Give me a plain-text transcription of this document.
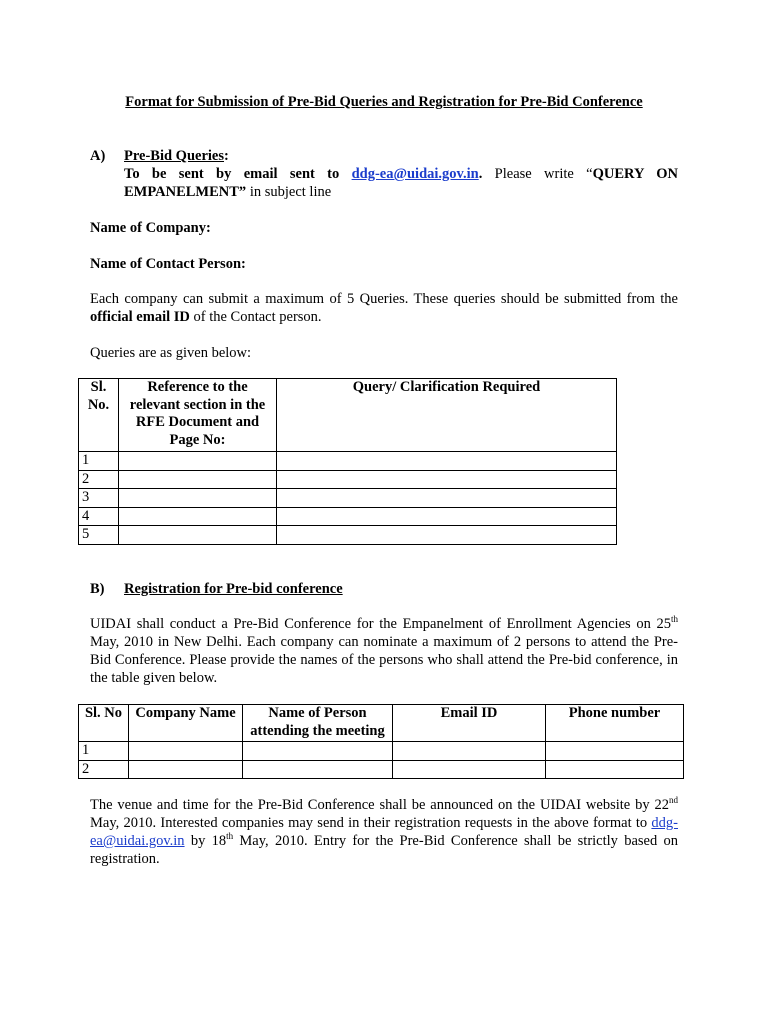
Format for Submission of Pre-Bid Queries and Registration for Pre-Bid Conference
A) Pre-Bid Queries:
To be sent by email sent to ddg-ea@uidai.gov.in. Please write “QUERY ON
EMPANELMENT” in subject line
Name of Company:
Name of Contact Person:
Each company can submit a maximum of 5 Queries. These queries should be submitted from the official email ID of the Contact person.
Queries are as given below:
Sl. No.	Reference to the relevant section in the RFE Document and Page No:	Query/ Clarification Required
1		
2		
3		
4		
5		
B) Registration for Pre-bid conference
UIDAI shall conduct a Pre-Bid Conference for the Empanelment of Enrollment Agencies on 25th May, 2010 in New Delhi. Each company can nominate a maximum of 2 persons to attend the Pre-Bid Conference. Please provide the names of the persons who shall attend the Pre-bid conference, in the table given below.
Sl. No	Company Name	Name of Person attending the meeting	Email ID	Phone number
1				
2				
The venue and time for the Pre-Bid Conference shall be announced on the UIDAI website by 22nd May, 2010. Interested companies may send in their registration requests in the above format to ddg-ea@uidai.gov.in by 18th May, 2010. Entry for the Pre-Bid Conference shall be strictly based on registration.
